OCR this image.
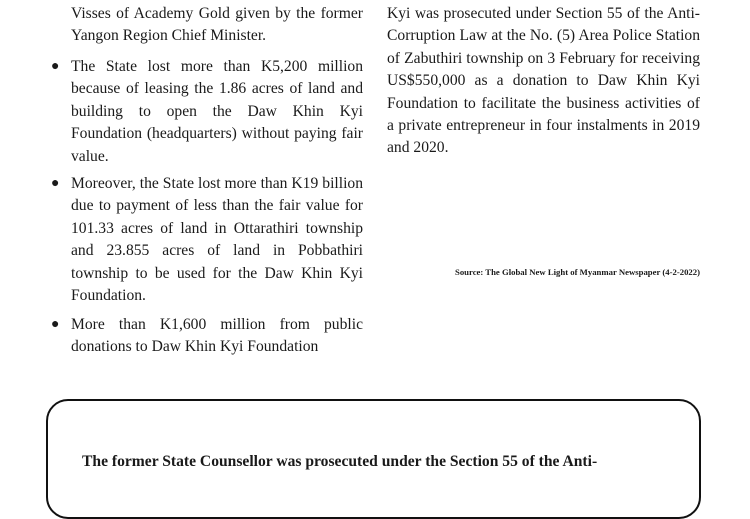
Visses of Academy Gold given by the former Yangon Region Chief Minister.

● The State lost more than K5,200 million because of leasing the 1.86 acres of land and building to open the Daw Khin Kyi Foundation (headquarters) without paying fair value.

● Moreover, the State lost more than K19 billion due to payment of less than the fair value for 101.33 acres of land in Ottarathiri township and 23.855 acres of land in Pobbathiri township to be used for the Daw Khin Kyi Foundation.

● More than K1,600 million from public donations to Daw Khin Kyi Foundation

Kyi was prosecuted under Section 55 of the Anti-Corruption Law at the No. (5) Area Police Station of Zabuthiri township on 3 February for receiving US$550,000 as a donation to Daw Khin Kyi Foundation to facilitate the business activities of a private entrepreneur in four instalments in 2019 and 2020.

Source: The Global New Light of Myanmar Newspaper (4-2-2022)
The former State Counsellor was prosecuted under the Section 55 of the Anti-
